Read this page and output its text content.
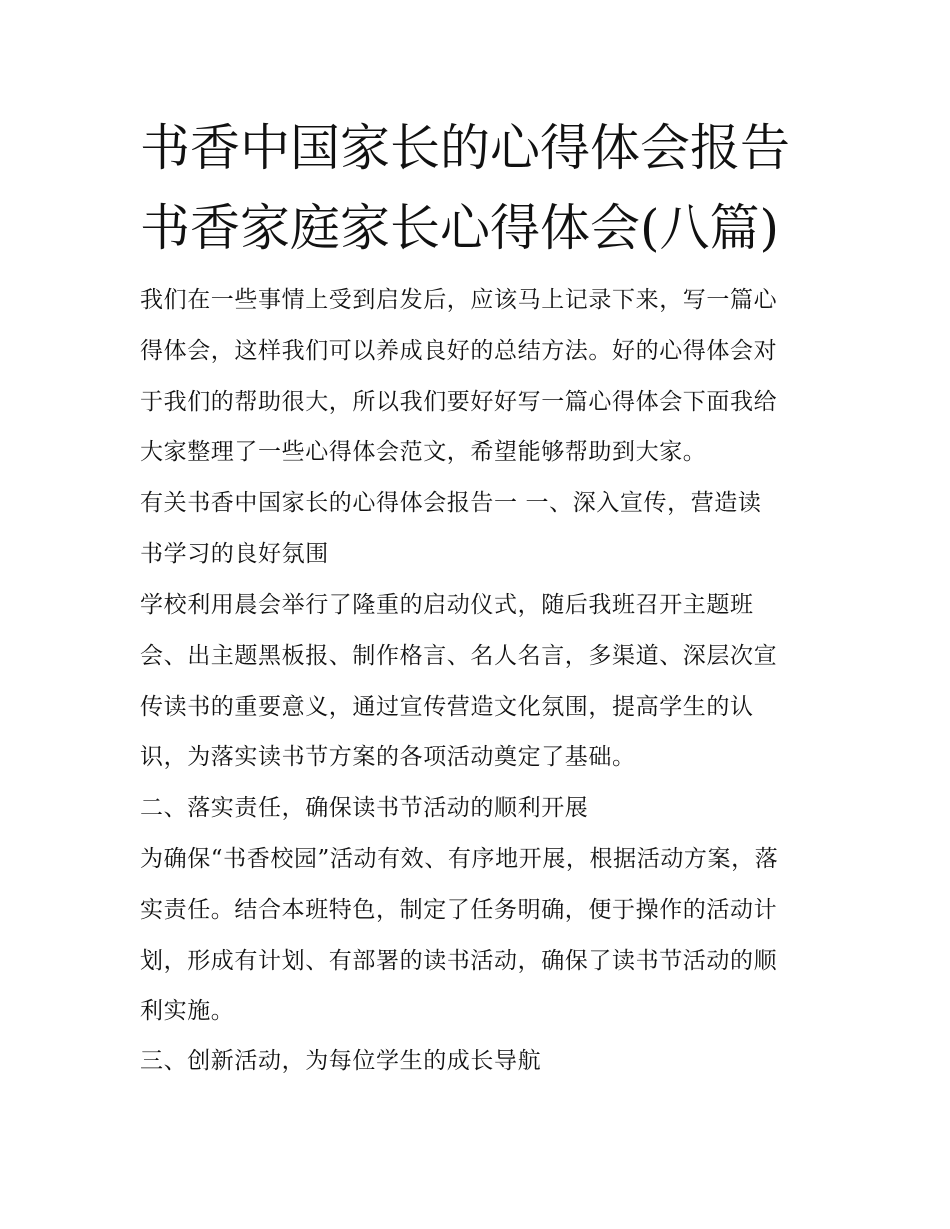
书香中国家长的心得体会报告
书香家庭家长心得体会(八篇)
我们在一些事情上受到启发后，应该马上记录下来，写一篇心
得体会，这样我们可以养成良好的总结方法。好的心得体会对
于我们的帮助很大，所以我们要好好写一篇心得体会下面我给
大家整理了一些心得体会范文，希望能够帮助到大家。
有关书香中国家长的心得体会报告一 一、深入宣传，营造读
书学习的良好氛围
学校利用晨会举行了隆重的启动仪式，随后我班召开主题班
会、出主题黑板报、制作格言、名人名言，多渠道、深层次宣
传读书的重要意义，通过宣传营造文化氛围，提高学生的认
识，为落实读书节方案的各项活动奠定了基础。
二、落实责任，确保读书节活动的顺利开展
为确保“书香校园”活动有效、有序地开展，根据活动方案，落
实责任。结合本班特色，制定了任务明确，便于操作的活动计
划，形成有计划、有部署的读书活动，确保了读书节活动的顺
利实施。
三、创新活动，为每位学生的成长导航
